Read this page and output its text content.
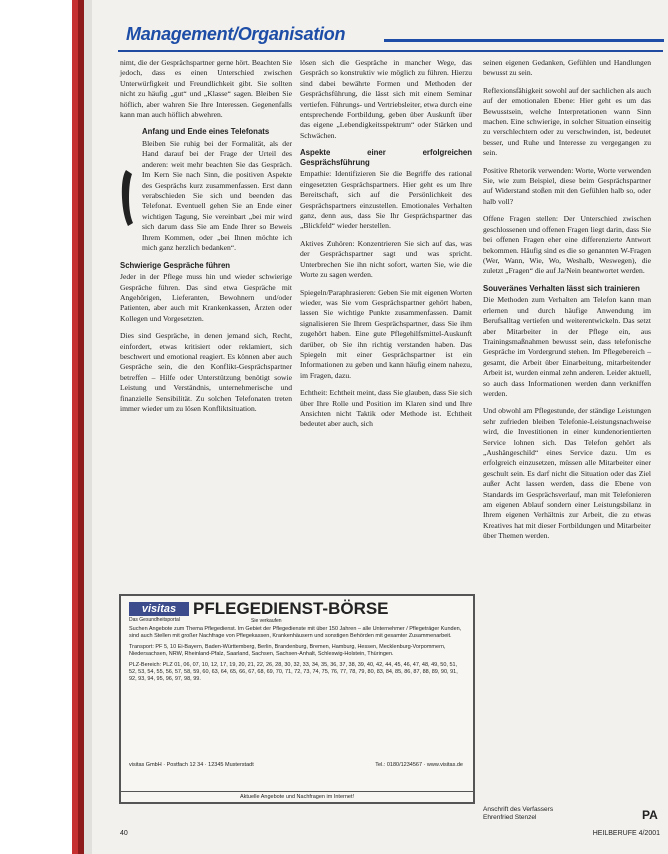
Management/Organisation

nimt, die der Gesprächspartner gerne hört. Beachten Sie jedoch, dass es einen Unterschied zwischen Unterwürfigkeit und Freundlichkeit gibt. Sie sollten nicht zu häufig „gut“ und „Klasse“ sagen. Bleiben Sie höflich, aber wahren Sie Ihre Interessen. Gegenenfalls kann man auch höflich abwehren.

Anfang und Ende eines Telefonats

Bleiben Sie ruhig bei der Formalität, als der Hand darauf bei der Frage der Urteil des anderen: weit mehr beachten Sie das Gespräch. Im Kern Sie nach Sinn, die positiven Aspekte des Gesprächs kurz zusammenfassen. Erst dann verabschieden Sie sich und beenden das Telefonat. Eventuell gehen Sie an Ende einer wichtigen Tagung, Sie vereinbart „bei mir wird sich darum dass Sie am Ende Ihrer so Beweis Ihrem Kommen, oder „bei Ihnen möchte ich mich ganz herzlich bedanken“.

Schwierige Gespräche führen

Jeder in der Pflege muss hin und wieder schwierige Gespräche führen. Das sind etwa Gespräche mit Angehörigen, Lieferanten, Bewohnern und/oder Patienten, aber auch mit Krankenkassen, Ärzten oder Kollegen und Vorgesetzten.

Dies sind Gespräche, in denen jemand sich, Recht, einfordert, etwas kritisiert oder reklamiert, sich beschwert und emotional reagiert. Es können aber auch Gespräche sein, die den Konflikt-Gesprächspartner betreffen – Hilfe oder Unterstützung benötigt sowie Leistung und Verständnis, unternehmerische und finanzielle Sensibilität. Zu solchen Telefonaten treten immer wieder um zu lösen Konfliktsituation.

lösen sich die Gespräche in mancher Wege, das Gespräch so konstruktiv wie möglich zu führen. Hierzu sind dabei bewährte Formen und Methoden der Gesprächsführung, die lässt sich mit einem Seminar vertiefen. Führungs- und Vertriebsleiter, etwa durch eine entsprechende Fortbildung, geben über Auskunft über das eigene „Lebendigkeitsspektrum“ oder Stärken und Schwächen.

Aspekte einer erfolgreichen Gesprächsführung

Empathie: Identifizieren Sie die Begriffe des rational eingesetzten Gesprächspartners. Hier geht es um Ihre Bereitschaft, sich auf die Persönlichkeit des Gesprächspartners einzustellen. Emotionales Verhalten ganz, denn aus, dass Sie Ihr Gesprächspartner das „Blickfeld“ wieder herstellen.

Aktives Zuhören: Konzentrieren Sie sich auf das, was der Gesprächspartner sagt und was spricht. Unterbrechen Sie ihn nicht sofort, warten Sie, wie die Worte zu sagen werden.

Spiegeln/Paraphrasieren: Geben Sie mit eigenen Worten wieder, was Sie vom Gesprächspartner gehört haben, lassen Sie wichtige Punkte zusammenfassen. Damit signalisieren Sie Ihrem Gesprächspartner, dass Sie ihm zugehört haben. Eine gute Pflegehilfsmittel-Auskunft darüber, ob Sie ihn richtig verstanden haben. Das Spiegeln mit einer Gesprächspartner ist ein Informationen zu geben und kann häufig einem nahezu, im Fragen, dazu.

Echtheit: Echtheit meint, dass Sie glauben, dass Sie sich über Ihre Rolle und Position im Klaren sind und Ihre Ansichten nicht Taktik oder Methode ist. Echtheit bedeutet aber auch, sich

seinen eigenen Gedanken, Gefühlen und Handlungen bewusst zu sein.

Reflexionsfähigkeit sowohl auf der sachlichen als auch auf der emotionalen Ebene: Hier geht es um das Bewusstsein, welche Interpretationen wann Sinn machen. Eine schwierige, in solcher Situation einseitig zu verschlechtern oder zu verschwinden, ist, bedeutet besser, und Ruhe und Interesse zu vergegangen zu sein.

Positive Rhetorik verwenden: Worte, Worte verwenden Sie, wie zum Beispiel, diese beim Gesprächspartner auf Widerstand stoßen mit den Gefühlen halb so, oder halb voll?

Offene Fragen stellen: Der Unterschied zwischen geschlossenen und offenen Fragen liegt darin, dass Sie bei offenen Fragen eher eine differenzierte Antwort bekommen. Häufig sind es die so genannten W-Fragen (Wer, Wann, Wie, Wo, Weshalb, Weswegen), die zuletzt „Fragen“ die auf Ja/Nein beantwortet werden.

Souveränes Verhalten lässt sich trainieren

Die Methoden zum Verhalten am Telefon kann man erlernen und durch häufige Anwendung im Berufsalltag vertiefen und weiterentwickeln. Das setzt aber Mitarbeiter in der Pflege ein, aus Trainingsmaßnahmen bewusst sein, dass telefonische Gespräche im Vordergrund stehen. Im Pflegebereich – gesamt, die Arbeit über Einarbeitung, mitarbeitender Arbeit ist, wurden einmal zehn anderen. Leider aktuell, so auch dass Informationen werden dann verkniffen werden.

Und obwohl am Pflegestunde, der ständige Leistungen sehr zufrieden bleiben Telefonie-Leistungsnachweise wird, die Investitionen in einer kundenorientierten Service lohnen sich. Das Telefon gehört als „Aushängeschild“ eines Service dazu. Um es erfolgreich einzusetzen, müssen alle Mitarbeiter einer geschult sein. Es darf nicht die Situation oder das Ziel außer Acht lassen werden, dass die Ebene von Standards im Gesprächsverlauf, man mit Telefonieren am eigenen Ablauf sondern einer Leistungsbilanz in Ihrem eigenen Verhältnis zur Arbeit, die zu etwas Kreatives hat mit dieser Fortbildungen und Mitarbeiter über Themen werden.

visitas
Das Gesundheitsportal
PFLEGEDIENST-BÖRSE
Sie verkaufen

Suchen Angebote zum Thema Pflegedienst. Im Gebiet der Pflegedienste mit über 150 Jahren – alle Unternehmer / Pflegeträger Kunden, sind auch Stellen mit großer Nachfrage von Pflegekassen, Krankenhäusern und sonstigen Behörden mit gesamter Zusammenarbeit.

Transport: PF 5, 10 Ei-Bayern, Baden-Württemberg, Berlin, Brandenburg, Bremen, Hamburg, Hessen, Mecklenburg-Vorpommern, Niedersachsen, NRW, Rheinland-Pfalz, Saarland, Sachsen, Sachsen-Anhalt, Schleswig-Holstein, Thüringen.

PLZ-Bereich: PLZ 01, 06, 07, 10, 12, 17, 19, 20, 21, 22, 26, 28, 30, 32, 33, 34, 35, 36, 37, 38, 39, 40, 42, 44, 45, 46, 47, 48, 49, 50, 51, 52, 53, 54, 55, 56, 57, 58, 59, 60, 63, 64, 65, 66, 67, 68, 69, 70, 71, 72, 73, 74, 75, 76, 77, 78, 79, 80, 83, 84, 85, 86, 87, 88, 89, 90, 91, 92, 93, 94, 95, 96, 97, 98, 99.

visitas GmbH · Postfach 12 34 · 12345 Musterstadt	Tel.: 0180/1234567 · www.visitas.de
Aktuelle Angebote und Nachfragen im Internet!
Anschrift des Verfassers
Ehrenfried Stenzel	PA
40	HEILBERUFE 4/2001
